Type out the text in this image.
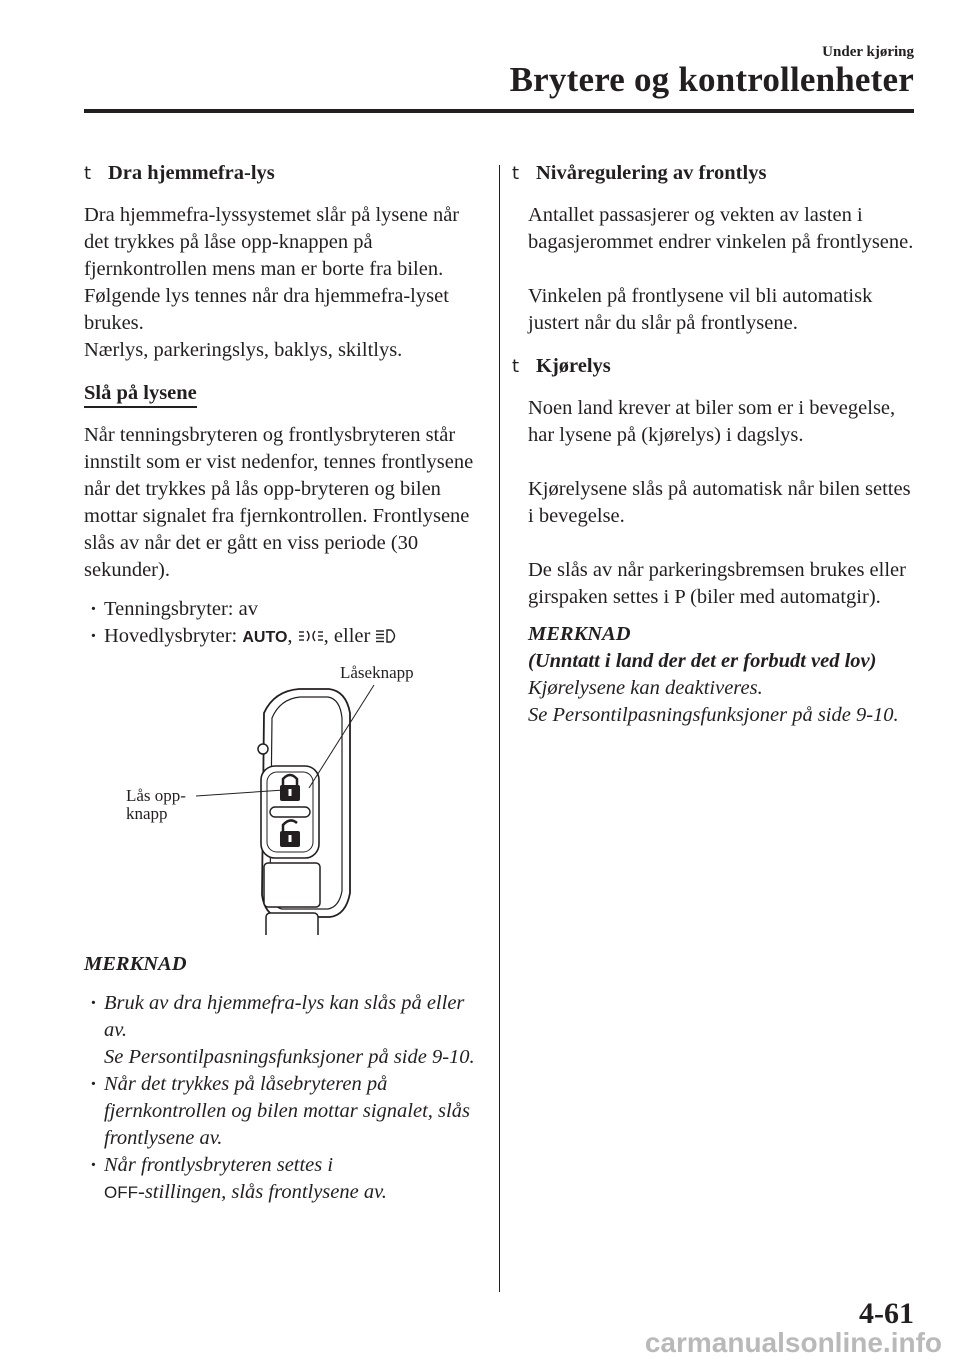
Under kjøring
Brytere og kontrollenheter
t Dra hjemmefra-lys

Dra hjemmefra-lyssystemet slår på lysene når det trykkes på låse opp-knappen på fjernkontrollen mens man er borte fra bilen.

Følgende lys tennes når dra hjemmefra-lyset brukes.

Nærlys, parkeringslys, baklys, skiltlys.

Slå på lysene

Når tenningsbryteren og frontlysbryteren står innstilt som er vist nedenfor, tennes frontlysene når det trykkes på lås opp-bryteren og bilen mottar signalet fra fjernkontrollen. Frontlysene slås av når det er gått en viss periode (30 sekunder).

· Tenningsbryter: av
· Hovedlysbryter: AUTO, , eller
Låseknapp
Lås opp-
knapp

MERKNAD

· Bruk av dra hjemmefra-lys kan slås på eller av.
Se Persontilpasningsfunksjoner på side 9-10.
· Når det trykkes på låsebryteren på fjernkontrollen og bilen mottar signalet, slås frontlysene av.
· Når frontlysbryteren settes i
OFF-stillingen, slås frontlysene av.
t Nivåregulering av frontlys

Antallet passasjerer og vekten av lasten i bagasjerommet endrer vinkelen på frontlysene.

Vinkelen på frontlysene vil bli automatisk justert når du slår på frontlysene.

t Kjørelys

Noen land krever at biler som er i bevegelse, har lysene på (kjørelys) i dagslys.

Kjørelysene slås på automatisk når bilen settes i bevegelse.

De slås av når parkeringsbremsen brukes eller girspaken settes i P (biler med automatgir).

MERKNAD

(Unntatt i land der det er forbudt ved lov)

Kjørelysene kan deaktiveres.

Se Persontilpasningsfunksjoner på side 9-10.

4-61
carmanualsonline.info
